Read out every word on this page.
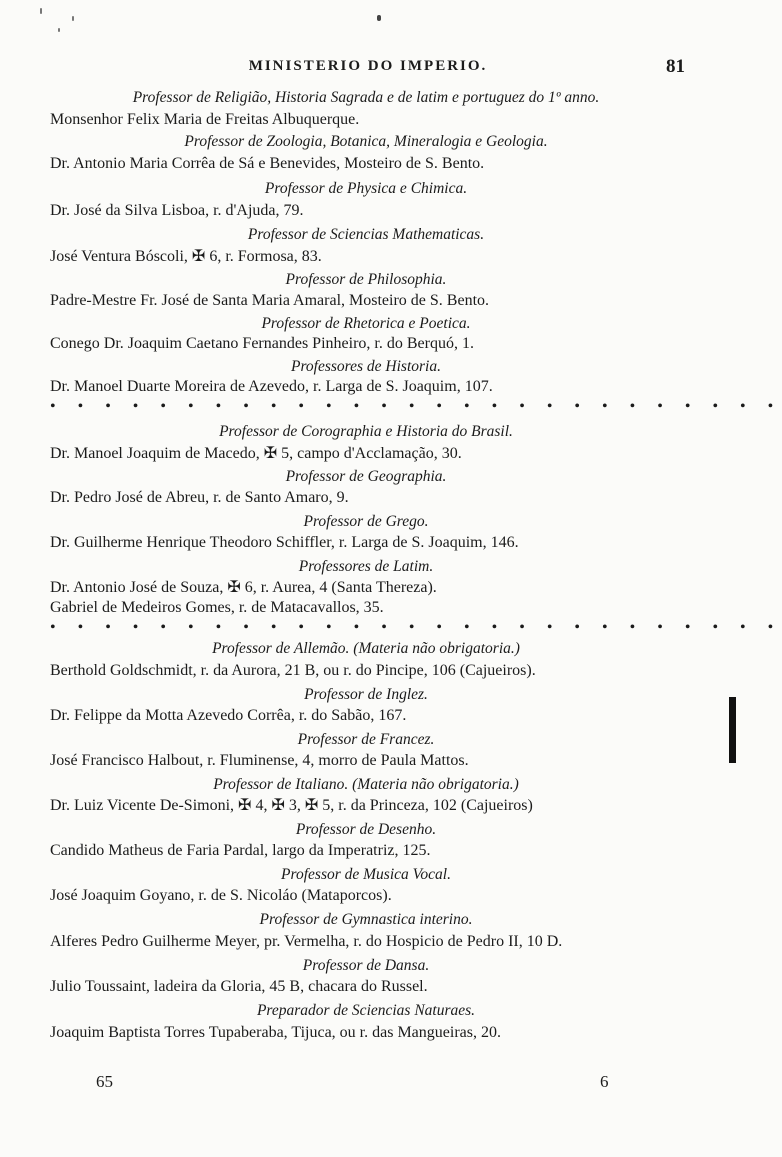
MINISTERIO DO IMPERIO.	81
Professor de Religião, Historia Sagrada e de latim e portuguez do 1º anno.
Monsenhor Felix Maria de Freitas Albuquerque.
Professor de Zoologia, Botanica, Mineralogia e Geologia.
Dr. Antonio Maria Corrêa de Sá e Benevides, Mosteiro de S. Bento.
Professor de Physica e Chimica.
Dr. José da Silva Lisboa, r. d'Ajuda, 79.
Professor de Sciencias Mathematicas.
José Ventura Bóscoli, ✠ 6, r. Formosa, 83.
Professor de Philosophia.
Padre-Mestre Fr. José de Santa Maria Amaral, Mosteiro de S. Bento.
Professor de Rhetorica e Poetica.
Conego Dr. Joaquim Caetano Fernandes Pinheiro, r. do Berquó, 1.
Professores de Historia.
Dr. Manoel Duarte Moreira de Azevedo, r. Larga de S. Joaquim, 107.
• • • • • • • • • • • • • • • • • • • • • • • • • • •
Professor de Corographia e Historia do Brasil.
Dr. Manoel Joaquim de Macedo, ✠ 5, campo d'Acclamação, 30.
Professor de Geographia.
Dr. Pedro José de Abreu, r. de Santo Amaro, 9.
Professor de Grego.
Dr. Guilherme Henrique Theodoro Schiffler, r. Larga de S. Joaquim, 146.
Professores de Latim.
Dr. Antonio José de Souza, ✠ 6, r. Aurea, 4 (Santa Thereza).
Gabriel de Medeiros Gomes, r. de Matacavallos, 35.
• • • • • • • • • • • • • • • • • • • • • • • • • • •
Professor de Allemão. (Materia não obrigatoria.)
Berthold Goldschmidt, r. da Aurora, 21 B, ou r. do Pincipe, 106 (Cajueiros).
Professor de Inglez.
Dr. Felippe da Motta Azevedo Corrêa, r. do Sabão, 167.
Professor de Francez.
José Francisco Halbout, r. Fluminense, 4, morro de Paula Mattos.
Professor de Italiano. (Materia não obrigatoria.)
Dr. Luiz Vicente De-Simoni, ✠ 4, ✠ 3, ✠ 5, r. da Princeza, 102 (Cajueiros)
Professor de Desenho.
Candido Matheus de Faria Pardal, largo da Imperatriz, 125.
Professor de Musica Vocal.
José Joaquim Goyano, r. de S. Nicoláo (Mataporcos).
Professor de Gymnastica interino.
Alferes Pedro Guilherme Meyer, pr. Vermelha, r. do Hospicio de Pedro II, 10 D.
Professor de Dansa.
Julio Toussaint, ladeira da Gloria, 45 B, chacara do Russel.
Preparador de Sciencias Naturaes.
Joaquim Baptista Torres Tupaberaba, Tijuca, ou r. das Mangueiras, 20.
65	6
